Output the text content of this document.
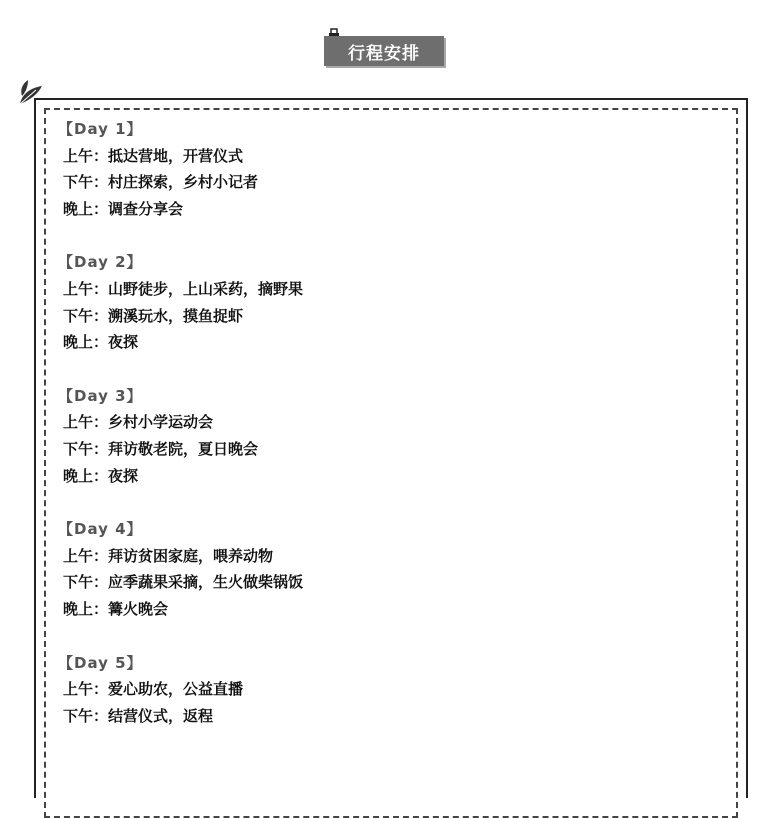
行程安排
【Day 1】
上午：抵达营地，开营仪式
下午：村庄探索，乡村小记者
晚上：调查分享会
【Day 2】
上午：山野徒步，上山采药，摘野果
下午：溯溪玩水，摸鱼捉虾
晚上：夜探
【Day 3】
上午：乡村小学运动会
下午：拜访敬老院，夏日晚会
晚上：夜探
【Day 4】
上午：拜访贫困家庭，喂养动物
下午：应季蔬果采摘，生火做柴锅饭
晚上：篝火晚会
【Day 5】
上午：爱心助农，公益直播
下午：结营仪式，返程
